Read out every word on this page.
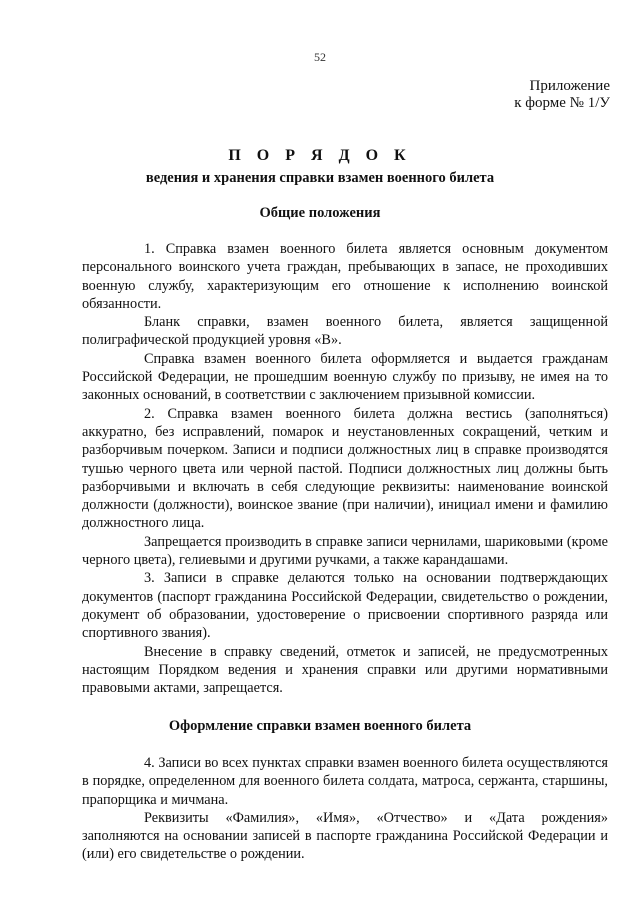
52
Приложение
к форме № 1/У
П О Р Я Д О К
ведения и хранения справки взамен военного билета
Общие положения

1. Справка взамен военного билета является основным документом персонального воинского учета граждан, пребывающих в запасе, не проходивших военную службу, характеризующим его отношение к исполнению воинской обязанности.

Бланк справки, взамен военного билета, является защищенной полиграфической продукцией уровня «В».

Справка взамен военного билета оформляется и выдается гражданам Российской Федерации, не прошедшим военную службу по призыву, не имея на то законных оснований, в соответствии с заключением призывной комиссии.

2. Справка взамен военного билета должна вестись (заполняться) аккуратно, без исправлений, помарок и неустановленных сокращений, четким и разборчивым почерком. Записи и подписи должностных лиц в справке производятся тушью черного цвета или черной пастой. Подписи должностных лиц должны быть разборчивыми и включать в себя следующие реквизиты: наименование воинской должности (должности), воинское звание (при наличии), инициал имени и фамилию должностного лица.

Запрещается производить в справке записи чернилами, шариковыми (кроме черного цвета), гелиевыми и другими ручками, а также карандашами.

3. Записи в справке делаются только на основании подтверждающих документов (паспорт гражданина Российской Федерации, свидетельство о рождении, документ об образовании, удостоверение о присвоении спортивного разряда или спортивного звания).

Внесение в справку сведений, отметок и записей, не предусмотренных настоящим Порядком ведения и хранения справки или другими нормативными правовыми актами, запрещается.

Оформление справки взамен военного билета

4. Записи во всех пунктах справки взамен военного билета осуществляются в порядке, определенном для военного билета солдата, матроса, сержанта, старшины, прапорщика и мичмана.

Реквизиты «Фамилия», «Имя», «Отчество» и «Дата рождения» заполняются на основании записей в паспорте гражданина Российской Федерации и (или) его свидетельстве о рождении.
